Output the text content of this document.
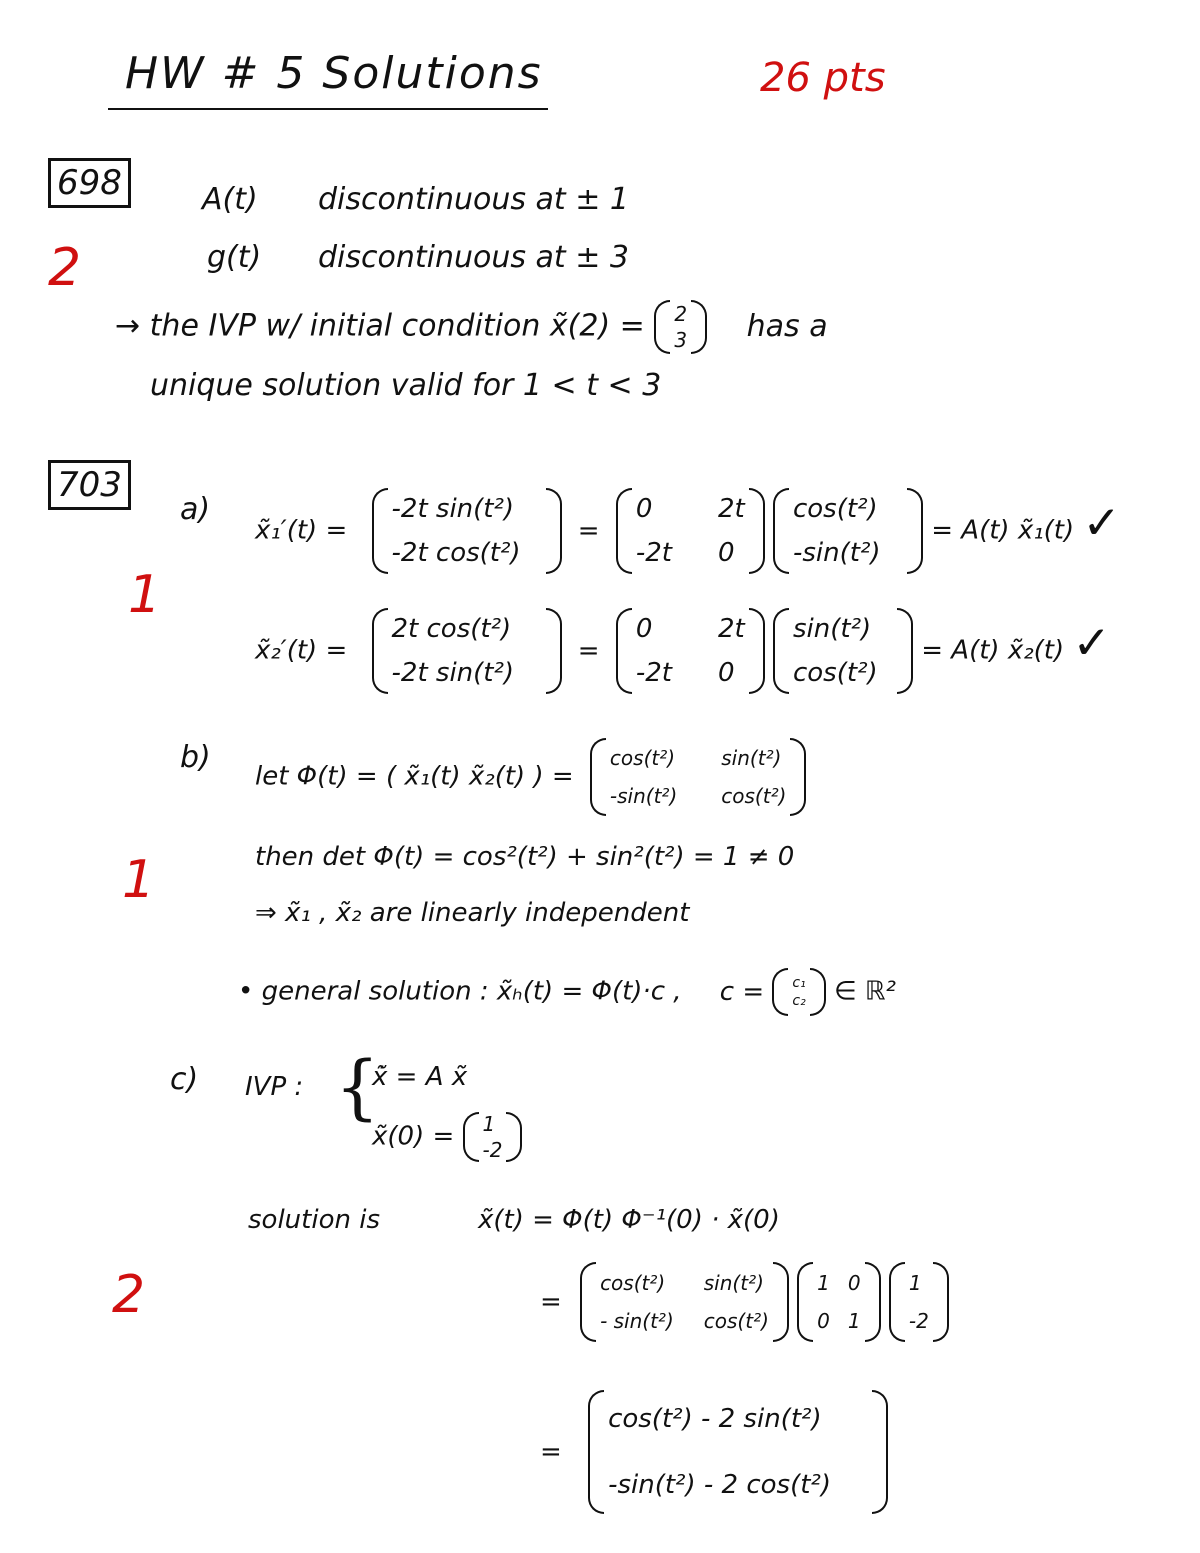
HW # 5 Solutions	26 pts
698
2
A(t) discontinuous at ± 1
g(t) discontinuous at ± 3
→ the IVP w/ initial condition x̃(2) = 2
3 has a
unique solution valid for 1 < t < 3
703
a)
1
x̃₁′(t) =
-2t sin(t²)
-2t cos(t²)
=
0	2t
-2t 0

cos(t²)
-sin(t²)
= A(t) x̃₁(t) ✓
x̃₂′(t) =
2t cos(t²)
-2t sin(t²)
=
0	2t
-2t 0

sin(t²)
cos(t²)
= A(t) x̃₂(t) ✓
b)
1
let Φ(t) = ( x̃₁(t) x̃₂(t) ) =
cos(t²) sin(t²)
-sin(t²) cos(t²)
then det Φ(t) = cos²(t²) + sin²(t²) = 1 ≠ 0
⇒ x̃₁ , x̃₂ are linearly independent
• general solution : x̃ₕ(t) = Φ(t)·c , c = c₁
c₂ ∈ ℝ²
c) IVP : {
x̃̇ = A x̃
x̃(0) = 1
-2
2
solution is	x̃(t) = Φ(t) Φ⁻¹(0) · x̃(0)
=
cos(t²)	sin(t²)
- sin(t²) cos(t²)

1 0
0 1

1
-2
=
cos(t²) - 2 sin(t²)
-sin(t²) - 2 cos(t²)
